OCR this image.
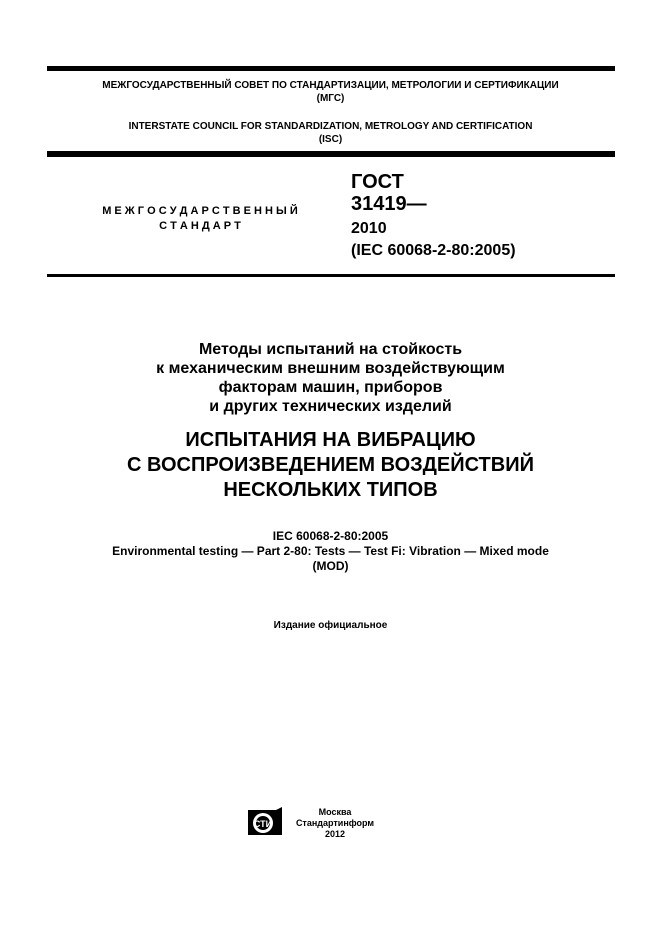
МЕЖГОСУДАРСТВЕННЫЙ СОВЕТ ПО СТАНДАРТИЗАЦИИ, МЕТРОЛОГИИ И СЕРТИФИКАЦИИ
(МГС)
INTERSTATE COUNCIL FOR STANDARDIZATION, METROLOGY AND CERTIFICATION
(ISC)
М Е Ж Г О С У Д А Р С Т В Е Н Н Ы Й
С Т А Н Д А Р Т
ГОСТ
31419—
2010
(IEC 60068-2-80:2005)
Методы испытаний на стойкость
к механическим внешним воздействующим
факторам машин, приборов
и других технических изделий
ИСПЫТАНИЯ НА ВИБРАЦИЮ
С ВОСПРОИЗВЕДЕНИЕМ ВОЗДЕЙСТВИЙ
НЕСКОЛЬКИХ ТИПОВ
IEC 60068-2-80:2005
Environmental testing — Part 2-80: Tests — Test Fi: Vibration — Mixed mode
(MOD)
Издание официальное
СТИ
Москва
Стандартинформ
2012
